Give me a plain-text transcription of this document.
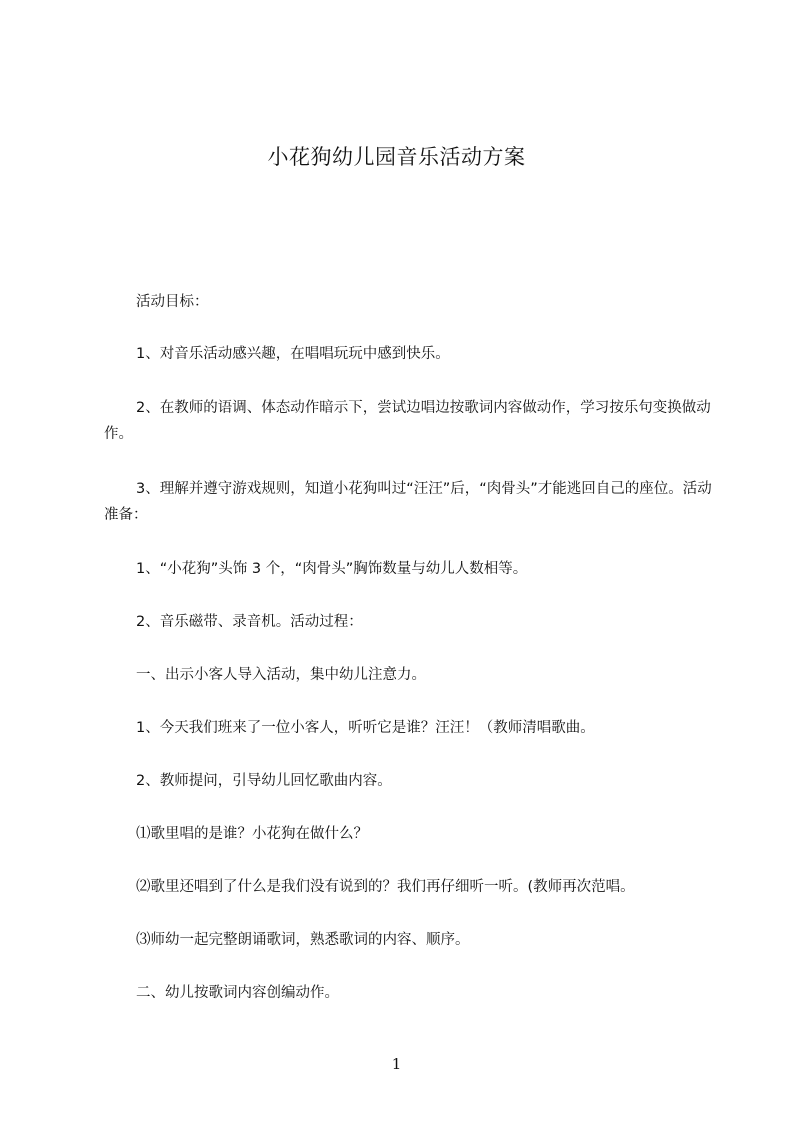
小花狗幼儿园音乐活动方案

活动目标：

1、对音乐活动感兴趣，在唱唱玩玩中感到快乐。

2、在教师的语调、体态动作暗示下，尝试边唱边按歌词内容做动作，学习按乐句变换做动作。

3、理解并遵守游戏规则，知道小花狗叫过“汪汪”后，“肉骨头”才能逃回自己的座位。活动准备：

1、“小花狗”头饰 3 个，“肉骨头”胸饰数量与幼儿人数相等。

2、音乐磁带、录音机。活动过程：

一、出示小客人导入活动，集中幼儿注意力。

1、今天我们班来了一位小客人，听听它是谁？汪汪！（教师清唱歌曲。

2、教师提问，引导幼儿回忆歌曲内容。

⑴歌里唱的是谁？小花狗在做什么？

⑵歌里还唱到了什么是我们没有说到的？我们再仔细听一听。(教师再次范唱。

⑶师幼一起完整朗诵歌词，熟悉歌词的内容、顺序。

二、幼儿按歌词内容创编动作。

1
